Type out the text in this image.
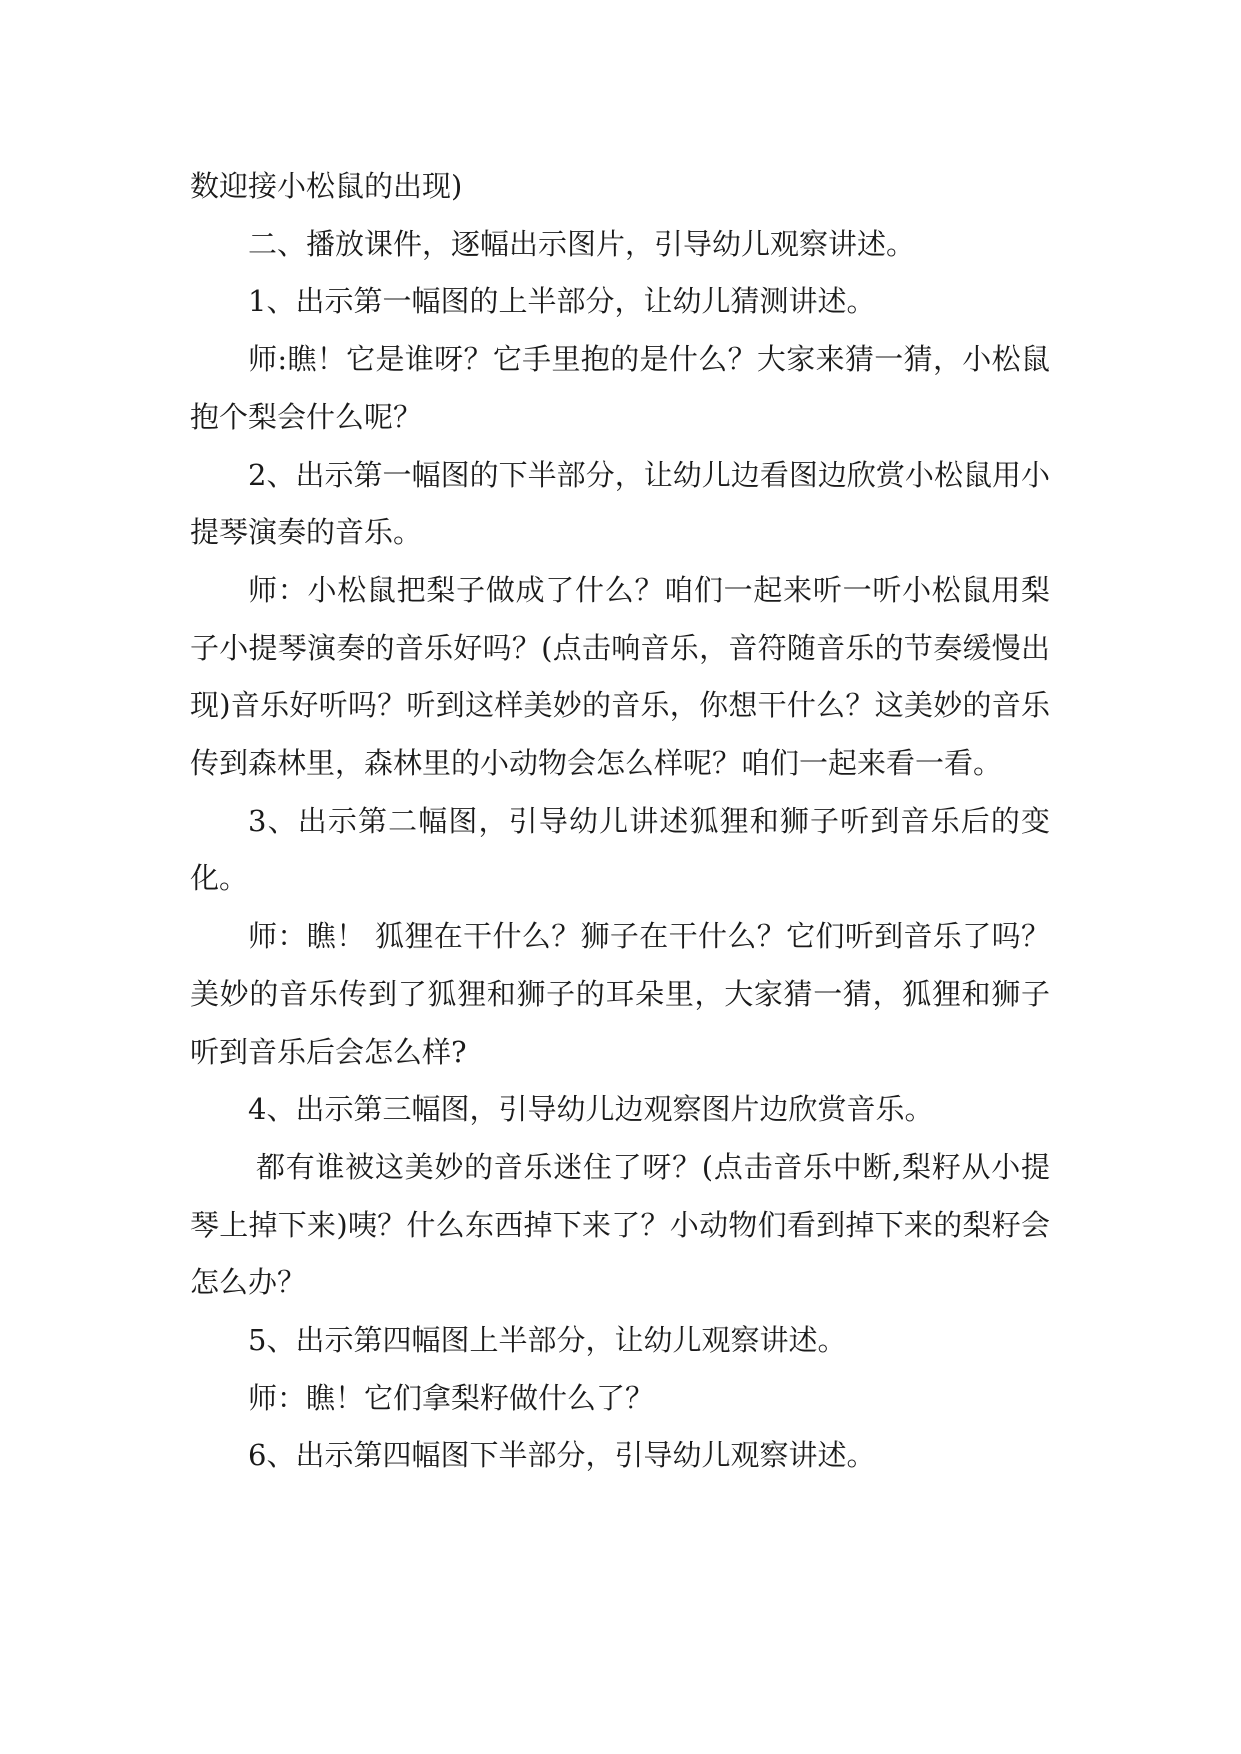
数迎接小松鼠的出现)

二、播放课件，逐幅出示图片，引导幼儿观察讲述。

1、出示第一幅图的上半部分，让幼儿猜测讲述。

师:瞧！它是谁呀？它手里抱的是什么？大家来猜一猜，小松鼠抱个梨会什么呢？

2、出示第一幅图的下半部分，让幼儿边看图边欣赏小松鼠用小提琴演奏的音乐。

师：小松鼠把梨子做成了什么？咱们一起来听一听小松鼠用梨子小提琴演奏的音乐好吗？(点击响音乐，音符随音乐的节奏缓慢出现)音乐好听吗？听到这样美妙的音乐，你想干什么？这美妙的音乐传到森林里，森林里的小动物会怎么样呢？咱们一起来看一看。

3、出示第二幅图，引导幼儿讲述狐狸和狮子听到音乐后的变化。

师：瞧！ 狐狸在干什么？狮子在干什么？它们听到音乐了吗？美妙的音乐传到了狐狸和狮子的耳朵里，大家猜一猜，狐狸和狮子听到音乐后会怎么样?

4、出示第三幅图，引导幼儿边观察图片边欣赏音乐。

都有谁被这美妙的音乐迷住了呀？(点击音乐中断,梨籽从小提琴上掉下来)咦？什么东西掉下来了？小动物们看到掉下来的梨籽会怎么办？

5、出示第四幅图上半部分，让幼儿观察讲述。

师：瞧！它们拿梨籽做什么了？

6、出示第四幅图下半部分，引导幼儿观察讲述。
